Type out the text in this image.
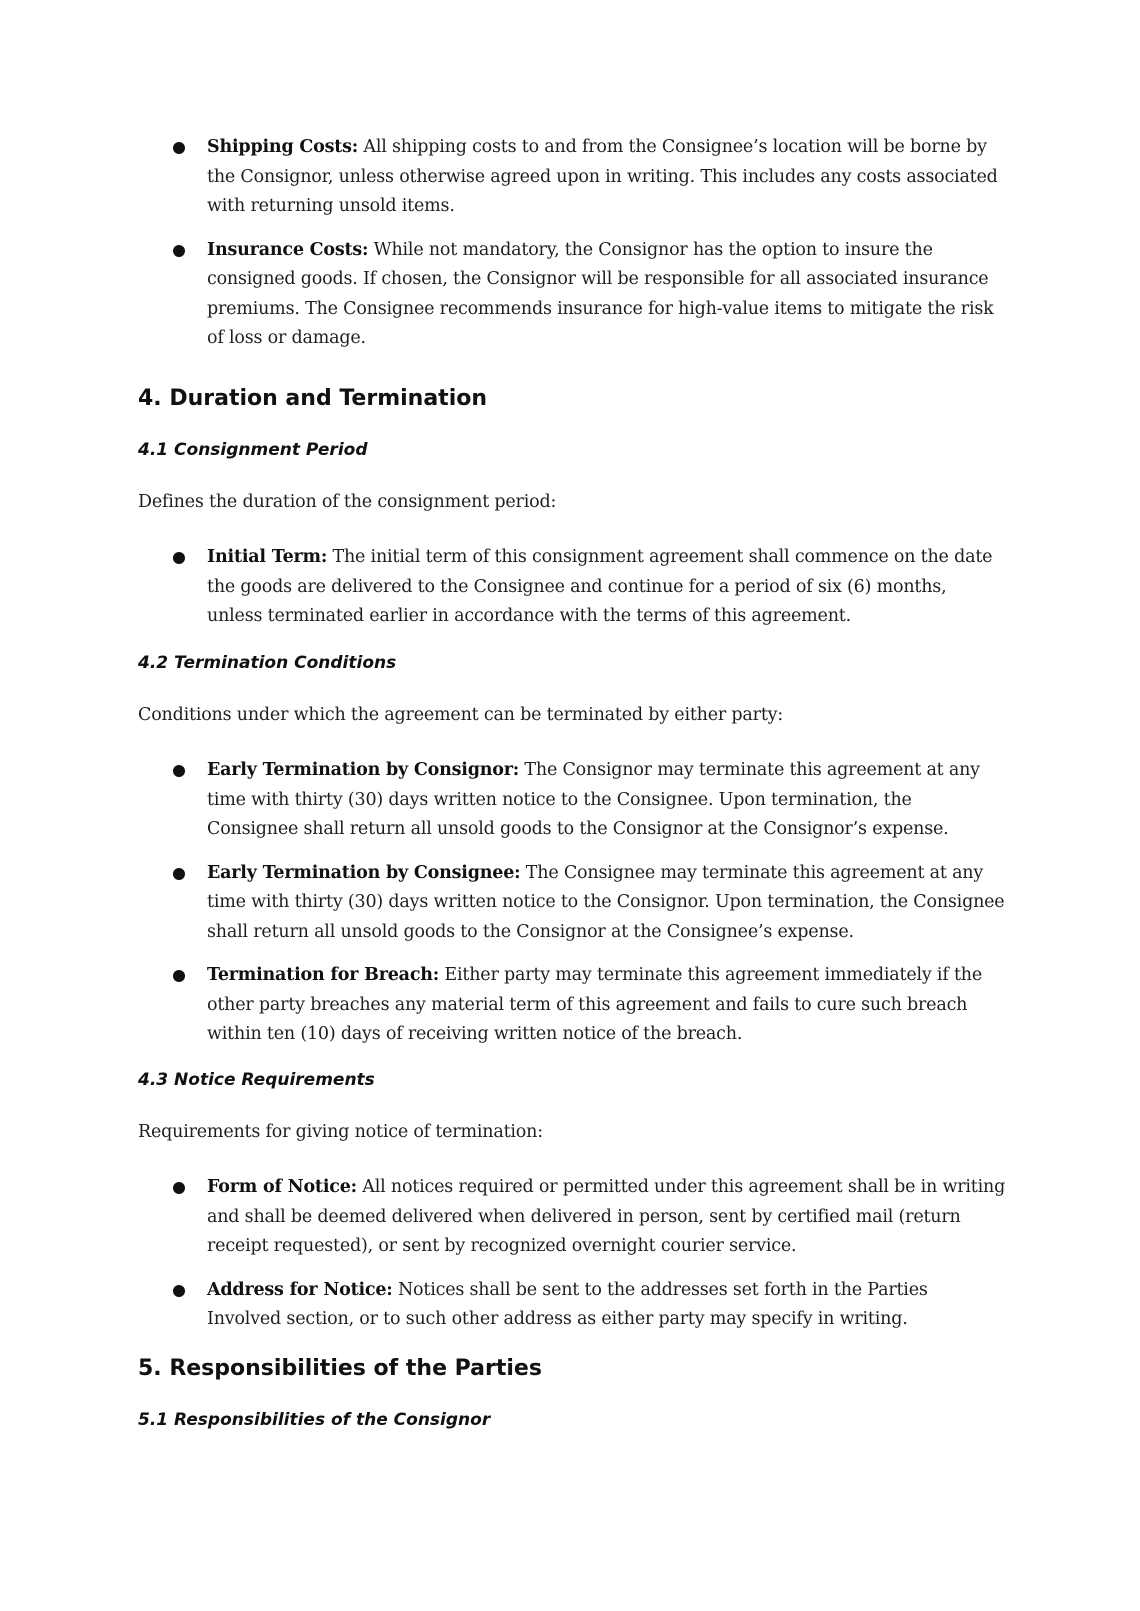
Shipping Costs: All shipping costs to and from the Consignee’s location will be borne by the Consignor, unless otherwise agreed upon in writing. This includes any costs associated with returning unsold items.
Insurance Costs: While not mandatory, the Consignor has the option to insure the consigned goods. If chosen, the Consignor will be responsible for all associated insurance premiums. The Consignee recommends insurance for high-value items to mitigate the risk of loss or damage.
4. Duration and Termination
4.1 Consignment Period

Defines the duration of the consignment period:

Initial Term: The initial term of this consignment agreement shall commence on the date the goods are delivered to the Consignee and continue for a period of six (6) months, unless terminated earlier in accordance with the terms of this agreement.
4.2 Termination Conditions

Conditions under which the agreement can be terminated by either party:

Early Termination by Consignor: The Consignor may terminate this agreement at any time with thirty (30) days written notice to the Consignee. Upon termination, the Consignee shall return all unsold goods to the Consignor at the Consignor’s expense.
Early Termination by Consignee: The Consignee may terminate this agreement at any time with thirty (30) days written notice to the Consignor. Upon termination, the Consignee shall return all unsold goods to the Consignor at the Consignee’s expense.
Termination for Breach: Either party may terminate this agreement immediately if the other party breaches any material term of this agreement and fails to cure such breach within ten (10) days of receiving written notice of the breach.
4.3 Notice Requirements

Requirements for giving notice of termination:

Form of Notice: All notices required or permitted under this agreement shall be in writing and shall be deemed delivered when delivered in person, sent by certified mail (return receipt requested), or sent by recognized overnight courier service.
Address for Notice: Notices shall be sent to the addresses set forth in the Parties Involved section, or to such other address as either party may specify in writing.
5. Responsibilities of the Parties
5.1 Responsibilities of the Consignor
